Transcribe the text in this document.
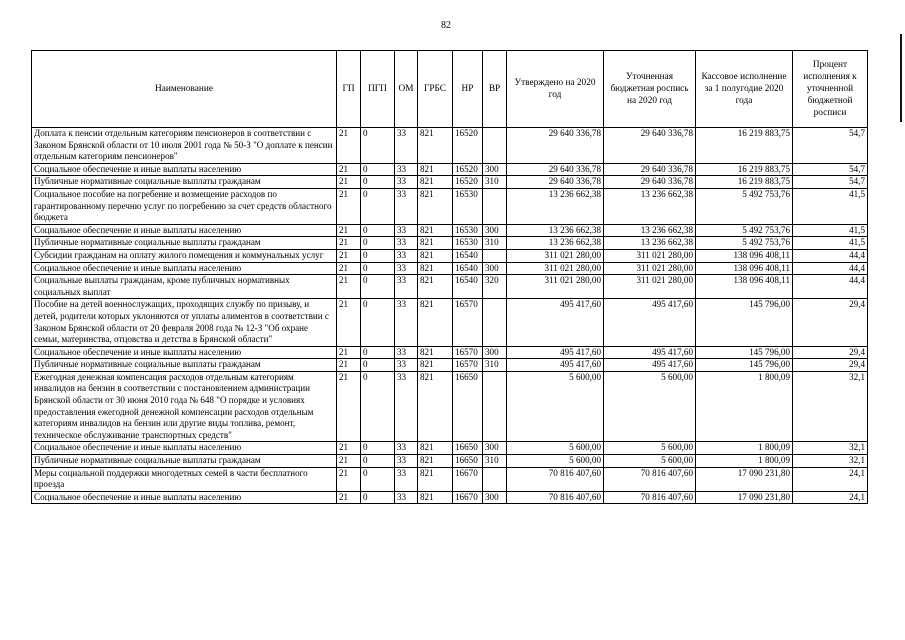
82
Наименование	ГП	ПГП	ОМ	ГРБС	НР	ВР	Утверждено на 2020 год	Уточненная бюджетная роспись на 2020 год	Кассовое исполнение за 1 полугодие 2020 года	Процент исполнения к уточненной бюджетной росписи
Доплата к пенсии отдельным категориям пенсионеров в соответствии с Законом Брянской области от 10 июля 2001 года № 50-З "О доплате к пенсии отдельным категориям пенсионеров"	21	0	33	821	16520		29 640 336,78	29 640 336,78	16 219 883,75	54,7
Социальное обеспечение и иные выплаты населению	21	0	33	821	16520	300	29 640 336,78	29 640 336,78	16 219 883,75	54,7
Публичные нормативные социальные выплаты гражданам	21	0	33	821	16520	310	29 640 336,78	29 640 336,78	16 219 883,75	54,7
Социальное пособие на погребение и возмещение расходов по гарантированному перечню услуг по погребению за счет средств областного бюджета	21	0	33	821	16530		13 236 662,38	13 236 662,38	5 492 753,76	41,5
Социальное обеспечение и иные выплаты населению	21	0	33	821	16530	300	13 236 662,38	13 236 662,38	5 492 753,76	41,5
Публичные нормативные социальные выплаты гражданам	21	0	33	821	16530	310	13 236 662,38	13 236 662,38	5 492 753,76	41,5
Субсидии гражданам на оплату жилого помещения и коммунальных услуг	21	0	33	821	16540		311 021 280,00	311 021 280,00	138 096 408,11	44,4
Социальное обеспечение и иные выплаты населению	21	0	33	821	16540	300	311 021 280,00	311 021 280,00	138 096 408,11	44,4
Социальные выплаты гражданам, кроме публичных нормативных социальных выплат	21	0	33	821	16540	320	311 021 280,00	311 021 280,00	138 096 408,11	44,4
Пособие на детей военнослужащих, проходящих службу по призыву, и детей, родители которых уклоняются от уплаты алиментов в соответствии с Законом Брянской области от 20 февраля 2008 года № 12-З "Об охране семьи, материнства, отцовства и детства в Брянской области"	21	0	33	821	16570		495 417,60	495 417,60	145 796,00	29,4
Социальное обеспечение и иные выплаты населению	21	0	33	821	16570	300	495 417,60	495 417,60	145 796,00	29,4
Публичные нормативные социальные выплаты гражданам	21	0	33	821	16570	310	495 417,60	495 417,60	145 796,00	29,4
Ежегодная денежная компенсация расходов отдельным категориям инвалидов на бензин в соответствии с постановлением администрации Брянской области от 30 июня 2010 года № 648 "О порядке и условиях предоставления ежегодной денежной компенсации расходов отдельным категориям инвалидов на бензин или другие виды топлива, ремонт, техническое обслуживание транспортных средств"	21	0	33	821	16650		5 600,00	5 600,00	1 800,09	32,1
Социальное обеспечение и иные выплаты населению	21	0	33	821	16650	300	5 600,00	5 600,00	1 800,09	32,1
Публичные нормативные социальные выплаты гражданам	21	0	33	821	16650	310	5 600,00	5 600,00	1 800,09	32,1
Меры социальной поддержки многодетных семей в части бесплатного проезда	21	0	33	821	16670		70 816 407,60	70 816 407,60	17 090 231,80	24,1
Социальное обеспечение и иные выплаты населению	21	0	33	821	16670	300	70 816 407,60	70 816 407,60	17 090 231,80	24,1
